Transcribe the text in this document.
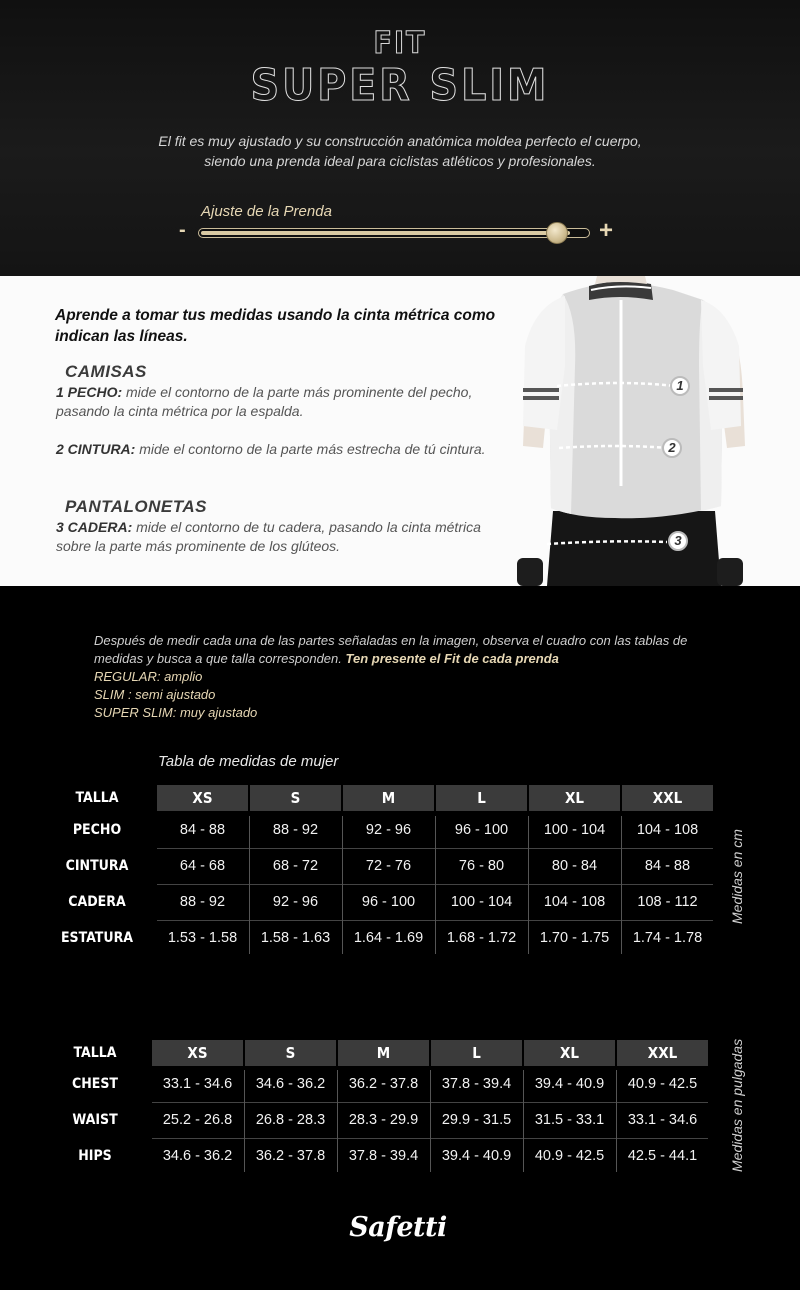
FIT
SUPER SLIM
El fit es muy ajustado y su construcción anatómica moldea perfecto el cuerpo,
siendo una prenda ideal para ciclistas atléticos y profesionales.
Ajuste de la Prenda
-	+
Aprende a tomar tus medidas usando la cinta métrica como indican las líneas.
CAMISAS
1 PECHO: mide el contorno de la parte más prominente del pecho, pasando la cinta métrica por la espalda.
2 CINTURA: mide el contorno de la parte más estrecha de tú cintura.
PANTALONETAS
3 CADERA: mide el contorno de tu cadera, pasando la cinta métrica sobre la parte más prominente de los glúteos.
1
2
3
Después de medir cada una de las partes señaladas en la imagen, observa el cuadro con las tablas de medidas y busca a que talla corresponden. Ten presente el Fit de cada prenda
REGULAR: amplio
SLIM : semi ajustado
SUPER SLIM: muy ajustado
Tabla de medidas de mujer
TALLA	XS	S	M	L	XL	XXL
PECHO	84 - 88	88 - 92	92 - 96	96 - 100	100 - 104	104 - 108
CINTURA	64 - 68	68 - 72	72 - 76	76 - 80	80 - 84	84 - 88
CADERA	88 - 92	92 - 96	96 - 100	100 - 104	104 - 108	108 - 112
ESTATURA	1.53 - 1.58	1.58 - 1.63	1.64 - 1.69	1.68 - 1.72	1.70 - 1.75	1.74 - 1.78
Medidas en cm
TALLA	XS	S	M	L	XL	XXL
CHEST	33.1 - 34.6	34.6 - 36.2	36.2 - 37.8	37.8 - 39.4	39.4 - 40.9	40.9 - 42.5
WAIST	25.2 - 26.8	26.8 - 28.3	28.3 - 29.9	29.9 - 31.5	31.5 - 33.1	33.1 - 34.6
HIPS	34.6 - 36.2	36.2 - 37.8	37.8 - 39.4	39.4 - 40.9	40.9 - 42.5	42.5 - 44.1	Medidas en pulgadas
Safetti
